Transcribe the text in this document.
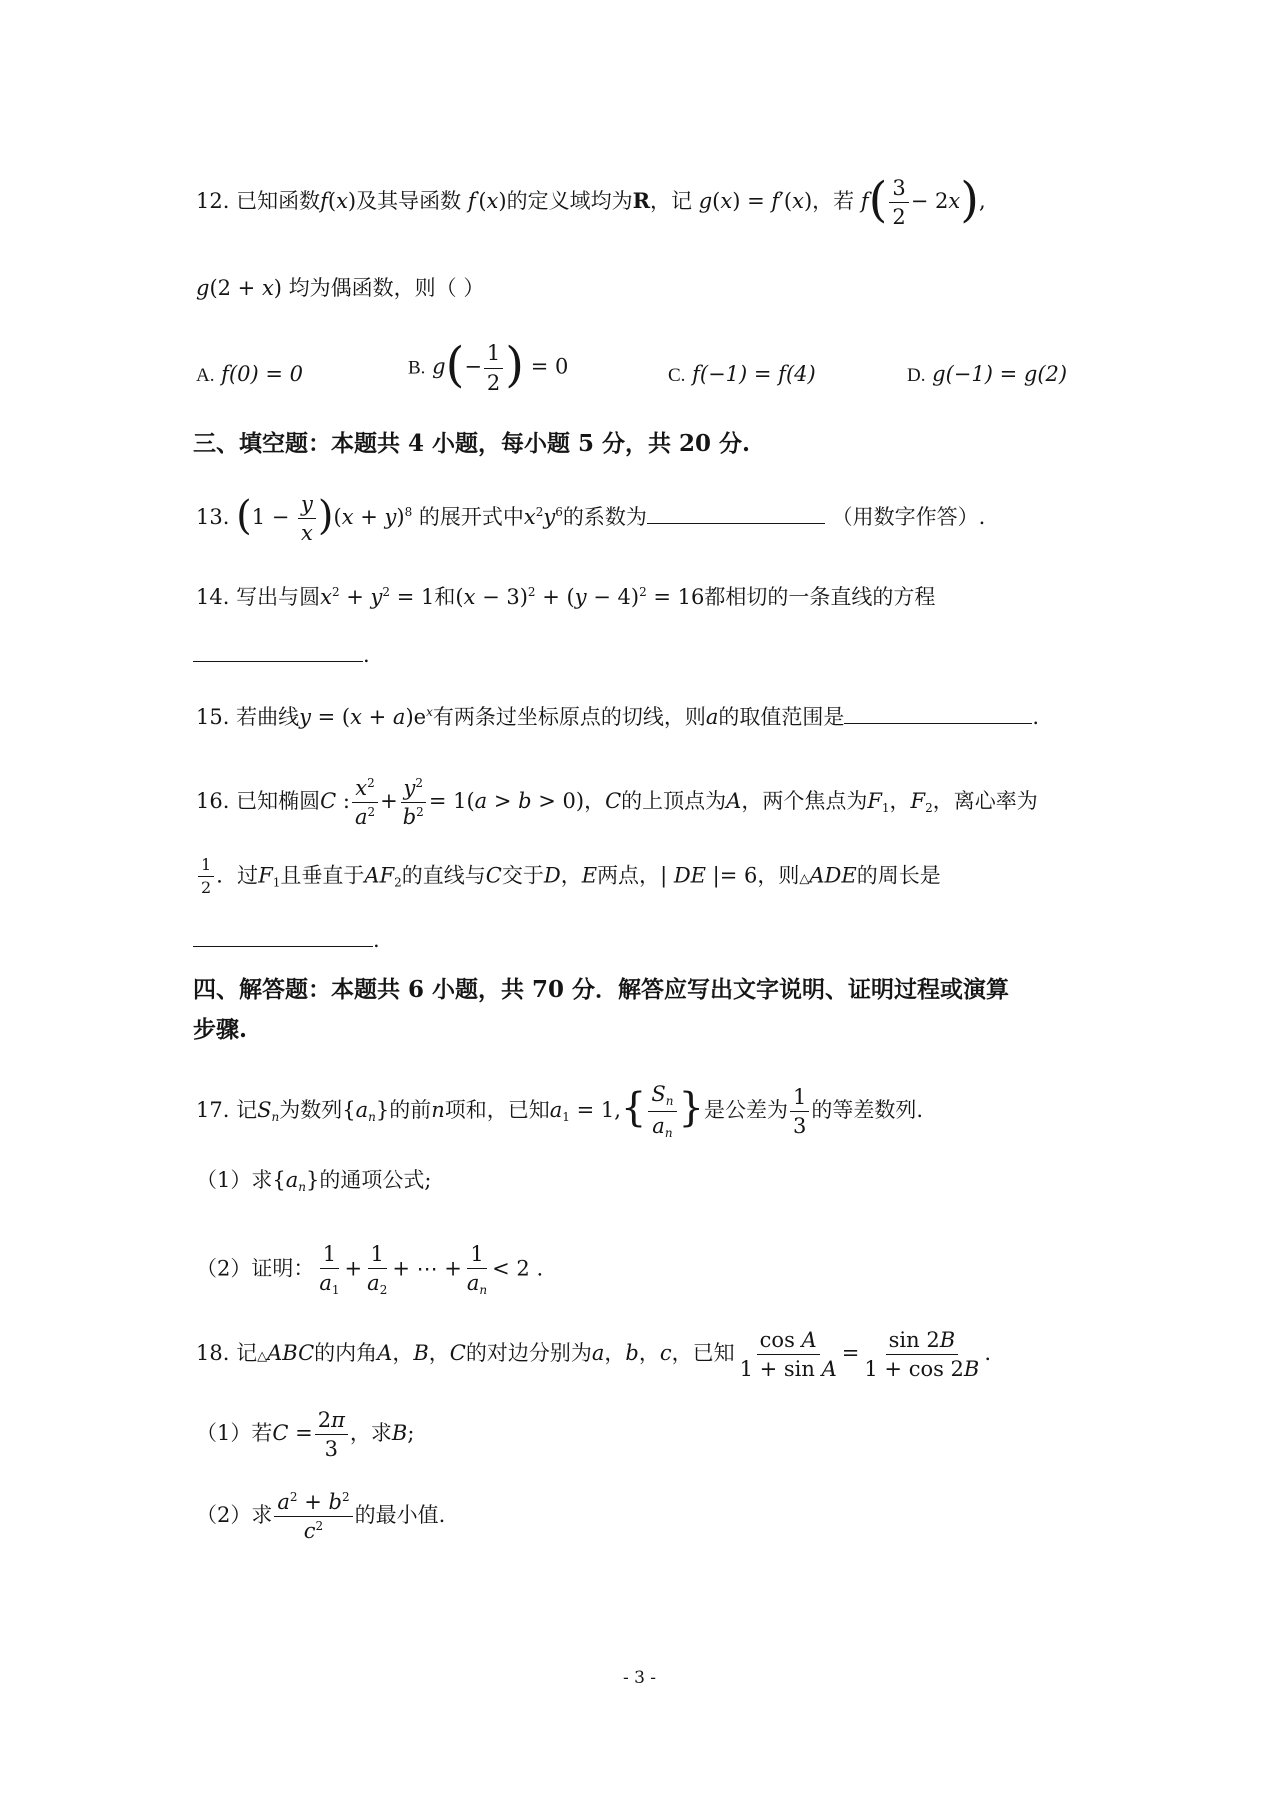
12. 已知函数f(x)及其导函数 f′(x)的定义域均为R，记 g(x) = f′(x)，若 $f( \frac{3}{2} - 2x)$,
g(2 + x) 均为偶函数，则（ ）
A. f(0) = 0	B. $g(- \frac{1}{2}$ ) = 0	C. f(−1) = f(4)	D. g(−1) = g(2)
三、填空题：本题共 4 小题，每小题 5 分，共 20 分.
13. $(1 - \frac{y}{x} )(x + y)^8$ 的展开式中$x^2y^6$的系数为	（用数字作答）.
14. 写出与圆$x^2 + y^2 = 1$和$(x - 3)^2 + (y - 4)^2 = 16$都相切的一条直线的方程
.
15. 若曲线$y = (x + a)e^x$有两条过坐标原点的切线，则a的取值范围是	.
16. 已知椭圆C : $\frac{x^2}{a^2} + \frac{y^2}{b^2} = 1(a > b > 0)$，C的上顶点为A，两个焦点为$F_1$，$F_2$，离心率为
$\frac{1}{2}$ ．过$F_1$且垂直于$AF_2$的直线与C交于D，E两点，| DE |= 6，则△ADE的周长是
.
四、解答题：本题共 6 小题，共 70 分．解答应写出文字说明、证明过程或演算
步骤.
17. 记$S_n$为数列$\{a_n\}$的前n项和，已知$a_1 = 1,\{ \frac{S_n}{a_n}$ }是公差为 $\frac{1}{3}$ 的等差数列.
（1）求$\{a_n\}$的通项公式;
（2）证明： $\frac{1}{a_1} + \frac{1}{a_2}$ + ⋯ + $\frac{1}{a_n} < 2$ .
18. 记△ABC的内角A，B，C的对边分别为a，b，c，已知 $\frac{\text{cos A}}{\text{1 + sin A}} = \frac{\sin 2B}{1 + \cos 2B}$ .
（1）若$C = \frac{2\pi}{3}$ ，求B;
（2）求 $\frac{a^2 + b^2}{c^2}$ 的最小值.
- 3 -
